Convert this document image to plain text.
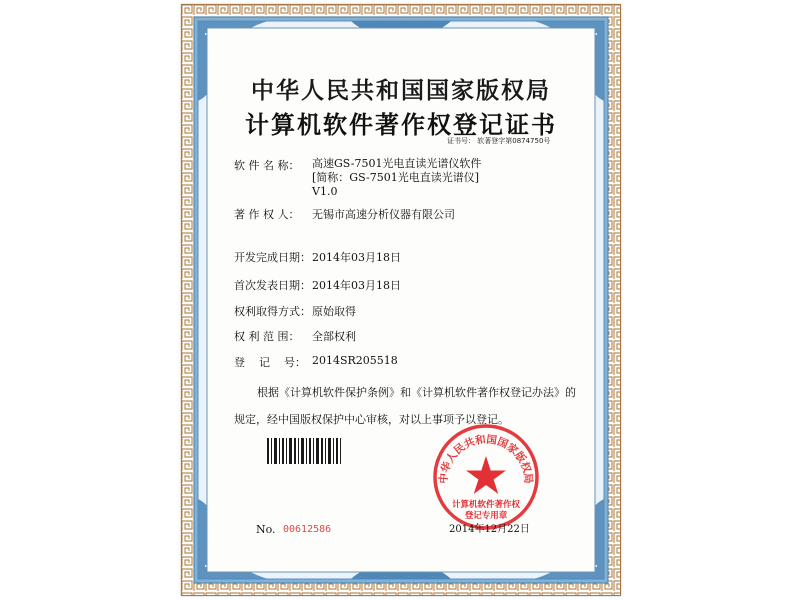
中华人民共和国国家版权局
计算机软件著作权登记证书
证书号： 软著登字第0874750号
软 件 名 称： 高速GS-7501光电直读光谱仪软件
[简称：GS-7501光电直读光谱仪]
V1.0
著 作 权 人： 无锡市高速分析仪器有限公司
开发完成日期： 2014年03月18日
首次发表日期： 2014年03月18日
权利取得方式： 原始取得
权 利 范 围： 全部权利
登    记    号： 2014SR205518
根据《计算机软件保护条例》和《计算机软件著作权登记办法》的
规定，经中国版权保护中心审核，对以上事项予以登记。
中华人民共和国国家版权局
计算机软件著作权
登记专用章
No. 00612586	2014年12月22日
